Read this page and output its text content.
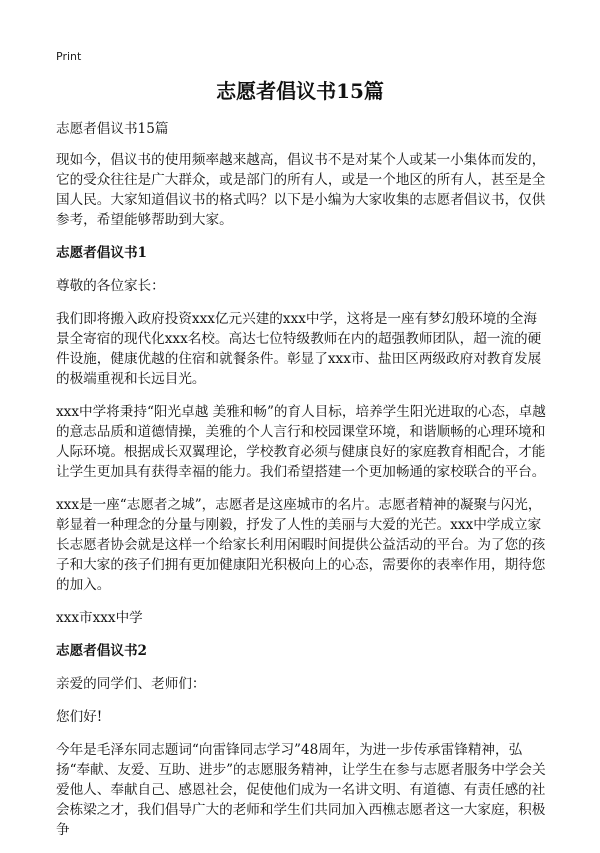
Print
志愿者倡议书15篇

志愿者倡议书15篇

现如今，倡议书的使用频率越来越高，倡议书不是对某个人或某一小集体而发的，它的受众往往是广大群众，或是部门的所有人，或是一个地区的所有人，甚至是全国人民。大家知道倡议书的格式吗？以下是小编为大家收集的志愿者倡议书，仅供参考，希望能够帮助到大家。

志愿者倡议书1

尊敬的各位家长：

我们即将搬入政府投资xxx亿元兴建的xxx中学，这将是一座有梦幻般环境的全海景全寄宿的现代化xxx名校。高达七位特级教师在内的超强教师团队，超一流的硬件设施，健康优越的住宿和就餐条件。彰显了xxx市、盐田区两级政府对教育发展的极端重视和长远目光。

xxx中学将秉持“阳光卓越 美雅和畅”的育人目标，培养学生阳光进取的心态，卓越的意志品质和道德情操，美雅的个人言行和校园课堂环境，和谐顺畅的心理环境和人际环境。根据成长双翼理论，学校教育必须与健康良好的家庭教育相配合，才能让学生更加具有获得幸福的能力。我们希望搭建一个更加畅通的家校联合的平台。

xxx是一座“志愿者之城”，志愿者是这座城市的名片。志愿者精神的凝聚与闪光，彰显着一种理念的分量与刚毅，抒发了人性的美丽与大爱的光芒。xxx中学成立家长志愿者协会就是这样一个给家长利用闲暇时间提供公益活动的平台。为了您的孩子和大家的孩子们拥有更加健康阳光积极向上的心态，需要你的表率作用，期待您的加入。

xxx市xxx中学

志愿者倡议书2

亲爱的同学们、老师们：

您们好!

今年是毛泽东同志题词“向雷锋同志学习”48周年，为进一步传承雷锋精神，弘扬“奉献、友爱、互助、进步”的志愿服务精神，让学生在参与志愿者服务中学会关爱他人、奉献自己、感恩社会，促使他们成为一名讲文明、有道德、有责任感的社会栋梁之才，我们倡导广大的老师和学生们共同加入西樵志愿者这一大家庭，积极争
